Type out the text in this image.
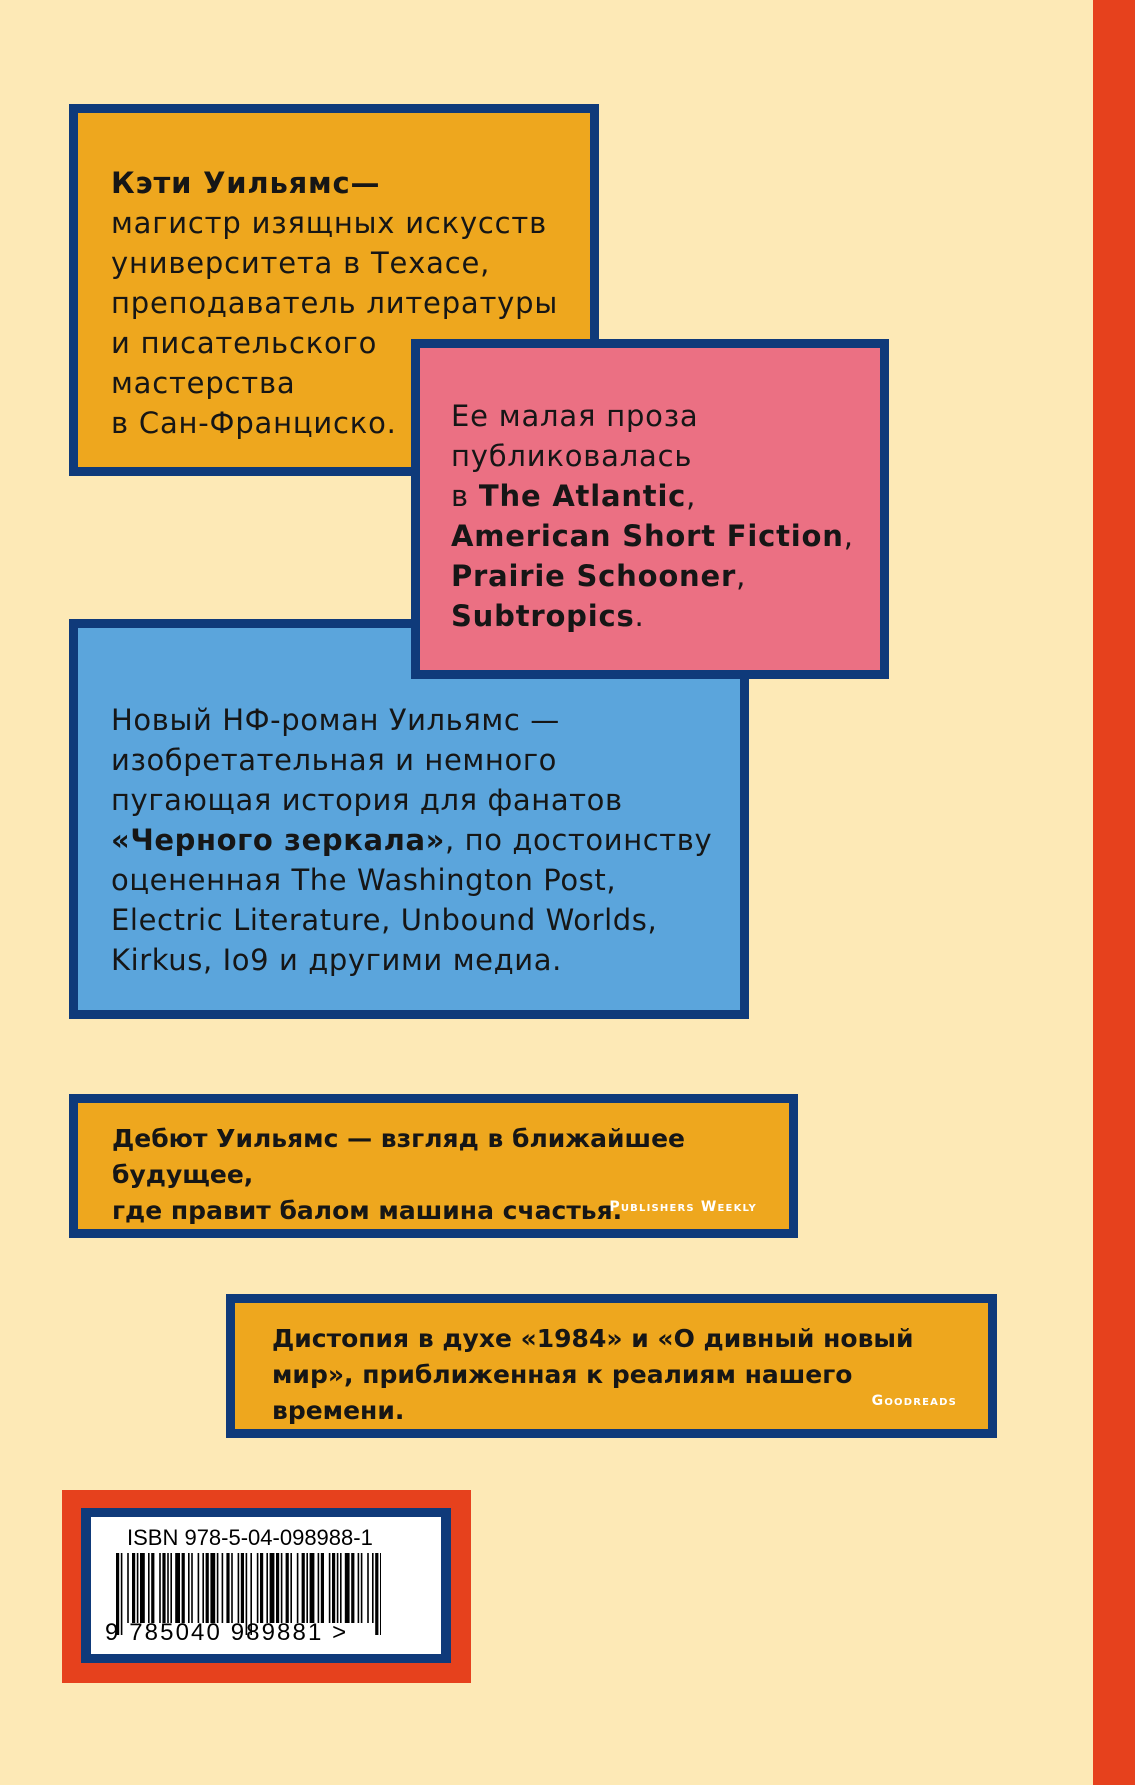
Кэти Уильямс—
магистр изящных искусств
университета в Техасе,
преподаватель литературы
и писательского
мастерства
в Сан-Франциско.	Ее малая проза
публиковалась
в The Atlantic,
American Short Fiction,
Prairie Schooner,
Subtropics.

Новый НФ-роман Уильямс —
изобретательная и немного
пугающая история для фанатов
«Черного зеркала», по достоинству
оцененная The Washington Post,
Electric Literature, Unbound Worlds,
Kirkus, Io9 и другими медиа.

Дебют Уильямс — взгляд в ближайшее будущее,
где правит балом машина счастья.

Publishers Weekly

Дистопия в духе «1984» и «О дивный новый
мир», приближенная к реалиям нашего времени.	Goodreads

ISBN 978-5-04-098988-1

9 785040 989881 >
